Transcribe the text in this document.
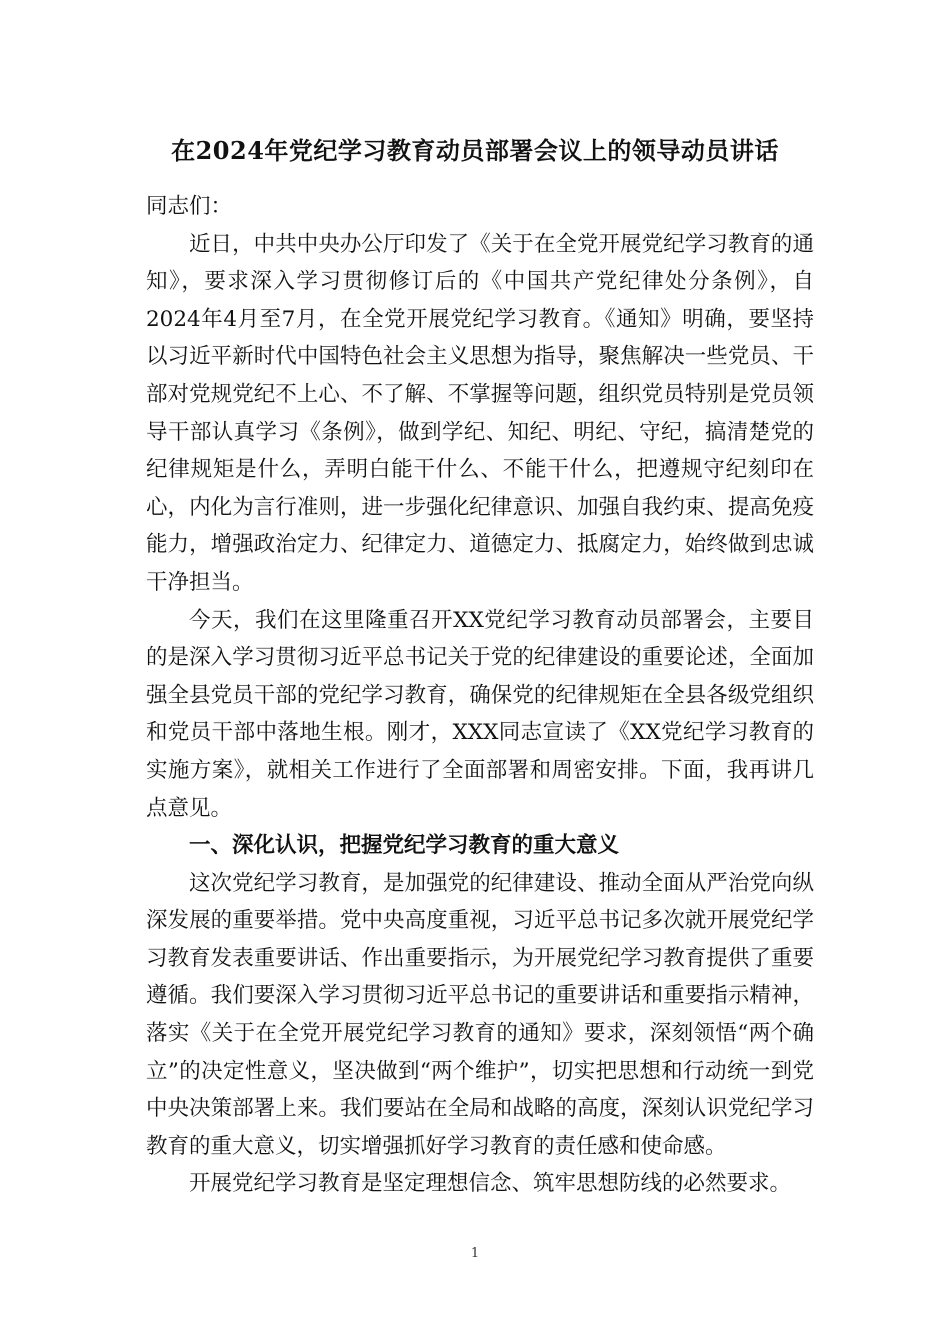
在2024年党纪学习教育动员部署会议上的领导动员讲话

同志们：

近日，中共中央办公厅印发了《关于在全党开展党纪学习教育的通知》，要求深入学习贯彻修订后的《中国共产党纪律处分条例》，自2024年4月至7月，在全党开展党纪学习教育。《通知》明确，要坚持以习近平新时代中国特色社会主义思想为指导，聚焦解决一些党员、干部对党规党纪不上心、不了解、不掌握等问题，组织党员特别是党员领导干部认真学习《条例》，做到学纪、知纪、明纪、守纪，搞清楚党的纪律规矩是什么，弄明白能干什么、不能干什么，把遵规守纪刻印在心，内化为言行准则，进一步强化纪律意识、加强自我约束、提高免疫能力，增强政治定力、纪律定力、道德定力、抵腐定力，始终做到忠诚干净担当。

今天，我们在这里隆重召开XX党纪学习教育动员部署会，主要目的是深入学习贯彻习近平总书记关于党的纪律建设的重要论述，全面加强全县党员干部的党纪学习教育，确保党的纪律规矩在全县各级党组织和党员干部中落地生根。刚才，XXX同志宣读了《XX党纪学习教育的实施方案》，就相关工作进行了全面部署和周密安排。下面，我再讲几点意见。

一、深化认识，把握党纪学习教育的重大意义

这次党纪学习教育，是加强党的纪律建设、推动全面从严治党向纵深发展的重要举措。党中央高度重视，习近平总书记多次就开展党纪学习教育发表重要讲话、作出重要指示，为开展党纪学习教育提供了重要遵循。我们要深入学习贯彻习近平总书记的重要讲话和重要指示精神，落实《关于在全党开展党纪学习教育的通知》要求，深刻领悟“两个确立”的决定性意义，坚决做到“两个维护”，切实把思想和行动统一到党中央决策部署上来。我们要站在全局和战略的高度，深刻认识党纪学习教育的重大意义，切实增强抓好学习教育的责任感和使命感。

开展党纪学习教育是坚定理想信念、筑牢思想防线的必然要求。

1
